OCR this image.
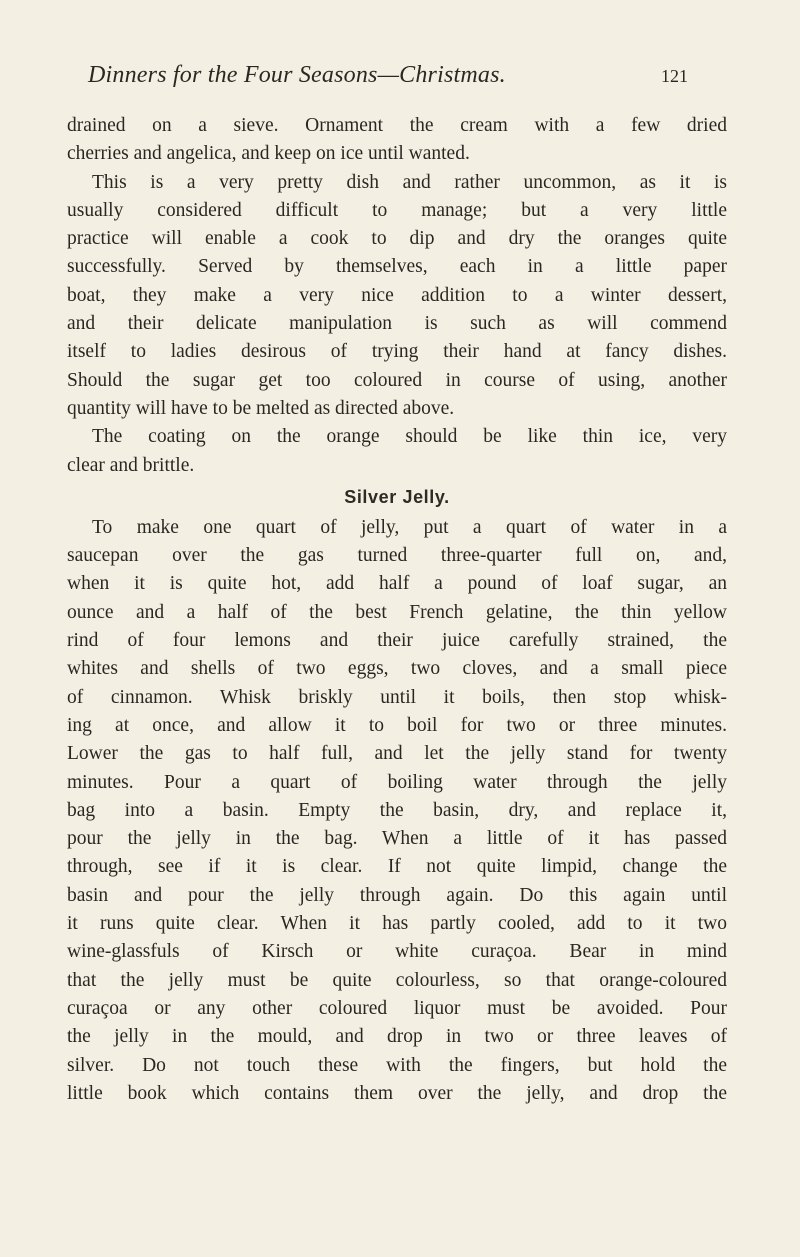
Dinners for the Four Seasons—Christmas.	121
drained on a sieve. Ornament the cream with a few dried
cherries and angelica, and keep on ice until wanted.
This is a very pretty dish and rather uncommon, as it is
usually considered difficult to manage; but a very little
practice will enable a cook to dip and dry the oranges quite
successfully. Served by themselves, each in a little paper
boat, they make a very nice addition to a winter dessert,
and their delicate manipulation is such as will commend
itself to ladies desirous of trying their hand at fancy dishes.
Should the sugar get too coloured in course of using, another
quantity will have to be melted as directed above.
The coating on the orange should be like thin ice, very
clear and brittle.
Silver Jelly.
To make one quart of jelly, put a quart of water in a
saucepan over the gas turned three-quarter full on, and,
when it is quite hot, add half a pound of loaf sugar, an
ounce and a half of the best French gelatine, the thin yellow
rind of four lemons and their juice carefully strained, the
whites and shells of two eggs, two cloves, and a small piece
of cinnamon. Whisk briskly until it boils, then stop whisk-
ing at once, and allow it to boil for two or three minutes.
Lower the gas to half full, and let the jelly stand for twenty
minutes. Pour a quart of boiling water through the jelly
bag into a basin. Empty the basin, dry, and replace it,
pour the jelly in the bag. When a little of it has passed
through, see if it is clear. If not quite limpid, change the
basin and pour the jelly through again. Do this again until
it runs quite clear. When it has partly cooled, add to it two
wine-glassfuls of Kirsch or white curaçoa. Bear in mind
that the jelly must be quite colourless, so that orange-coloured
curaçoa or any other coloured liquor must be avoided. Pour
the jelly in the mould, and drop in two or three leaves of
silver. Do not touch these with the fingers, but hold the
little book which contains them over the jelly, and drop the
